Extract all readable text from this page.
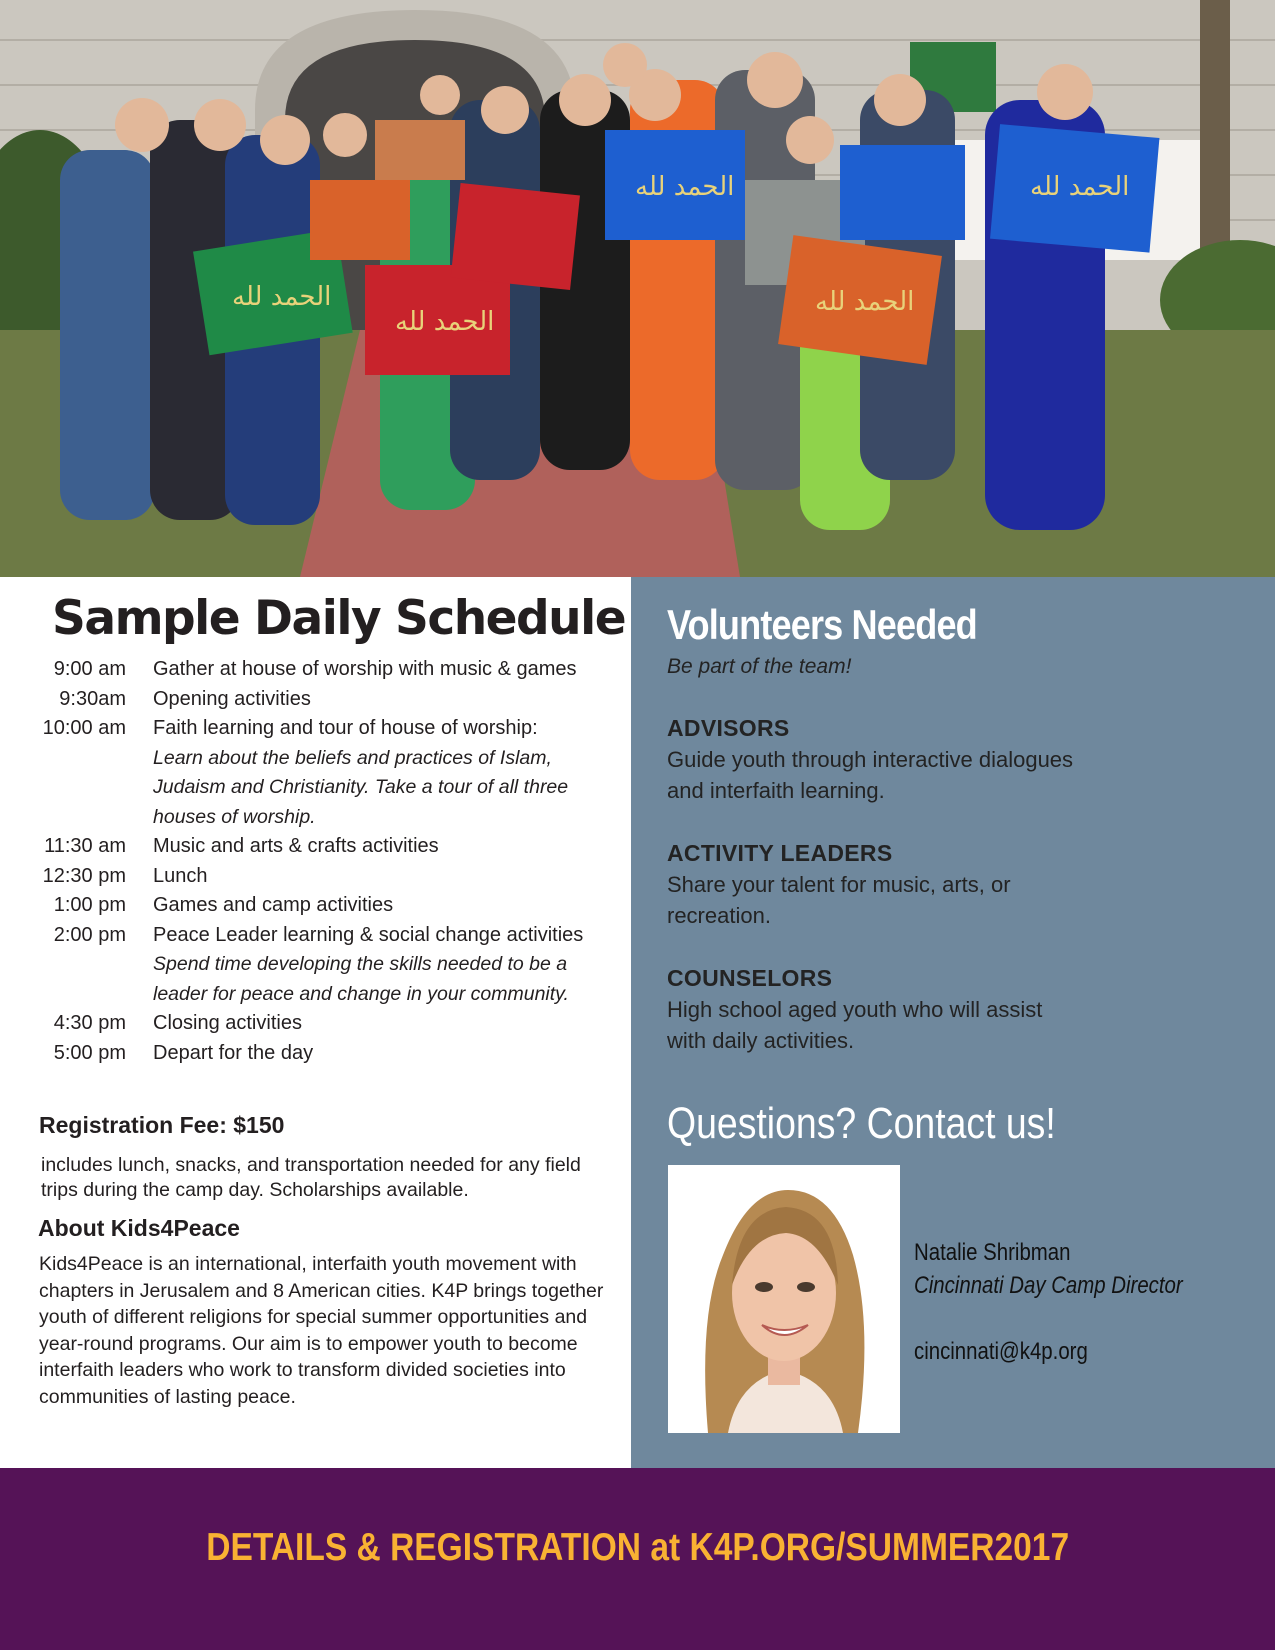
الحمد لله
الحمد لله
الحمد لله
الحمد لله
الحمد لله
Sample Daily Schedule
9:00 am Gather at house of worship with music & games
9:30am Opening activities
10:00 am Faith learning and tour of house of worship:
Learn about the beliefs and practices of Islam, Judaism and Christianity. Take a tour of all three houses of worship.
11:30 am Music and arts & crafts activities
12:30 pm Lunch
1:00 pm Games and camp activities
2:00 pm Peace Leader learning & social change activities
Spend time developing the skills needed to be a leader for peace and change in your community.
4:30 pm Closing activities
5:00 pm Depart for the day
Registration Fee: $150
includes lunch, snacks, and transportation needed for any field trips during the camp day. Scholarships available.
About Kids4Peace
Kids4Peace is an international, interfaith youth movement with chapters in Jerusalem and 8 American cities. K4P brings together youth of different religions for special summer opportunities and year-round programs. Our aim is to empower youth to become interfaith leaders who work to transform divided societies into communities of lasting peace.
Volunteers Needed
Be part of the team!
ADVISORS
Guide youth through interactive dialogues and interfaith learning.
ACTIVITY LEADERS
Share your talent for music, arts, or recreation.
COUNSELORS
High school aged youth who will assist with daily activities.
Questions? Contact us!
Natalie Shribman
Cincinnati Day Camp Director
cincinnati@k4p.org
DETAILS & REGISTRATION at K4P.ORG/SUMMER2017
